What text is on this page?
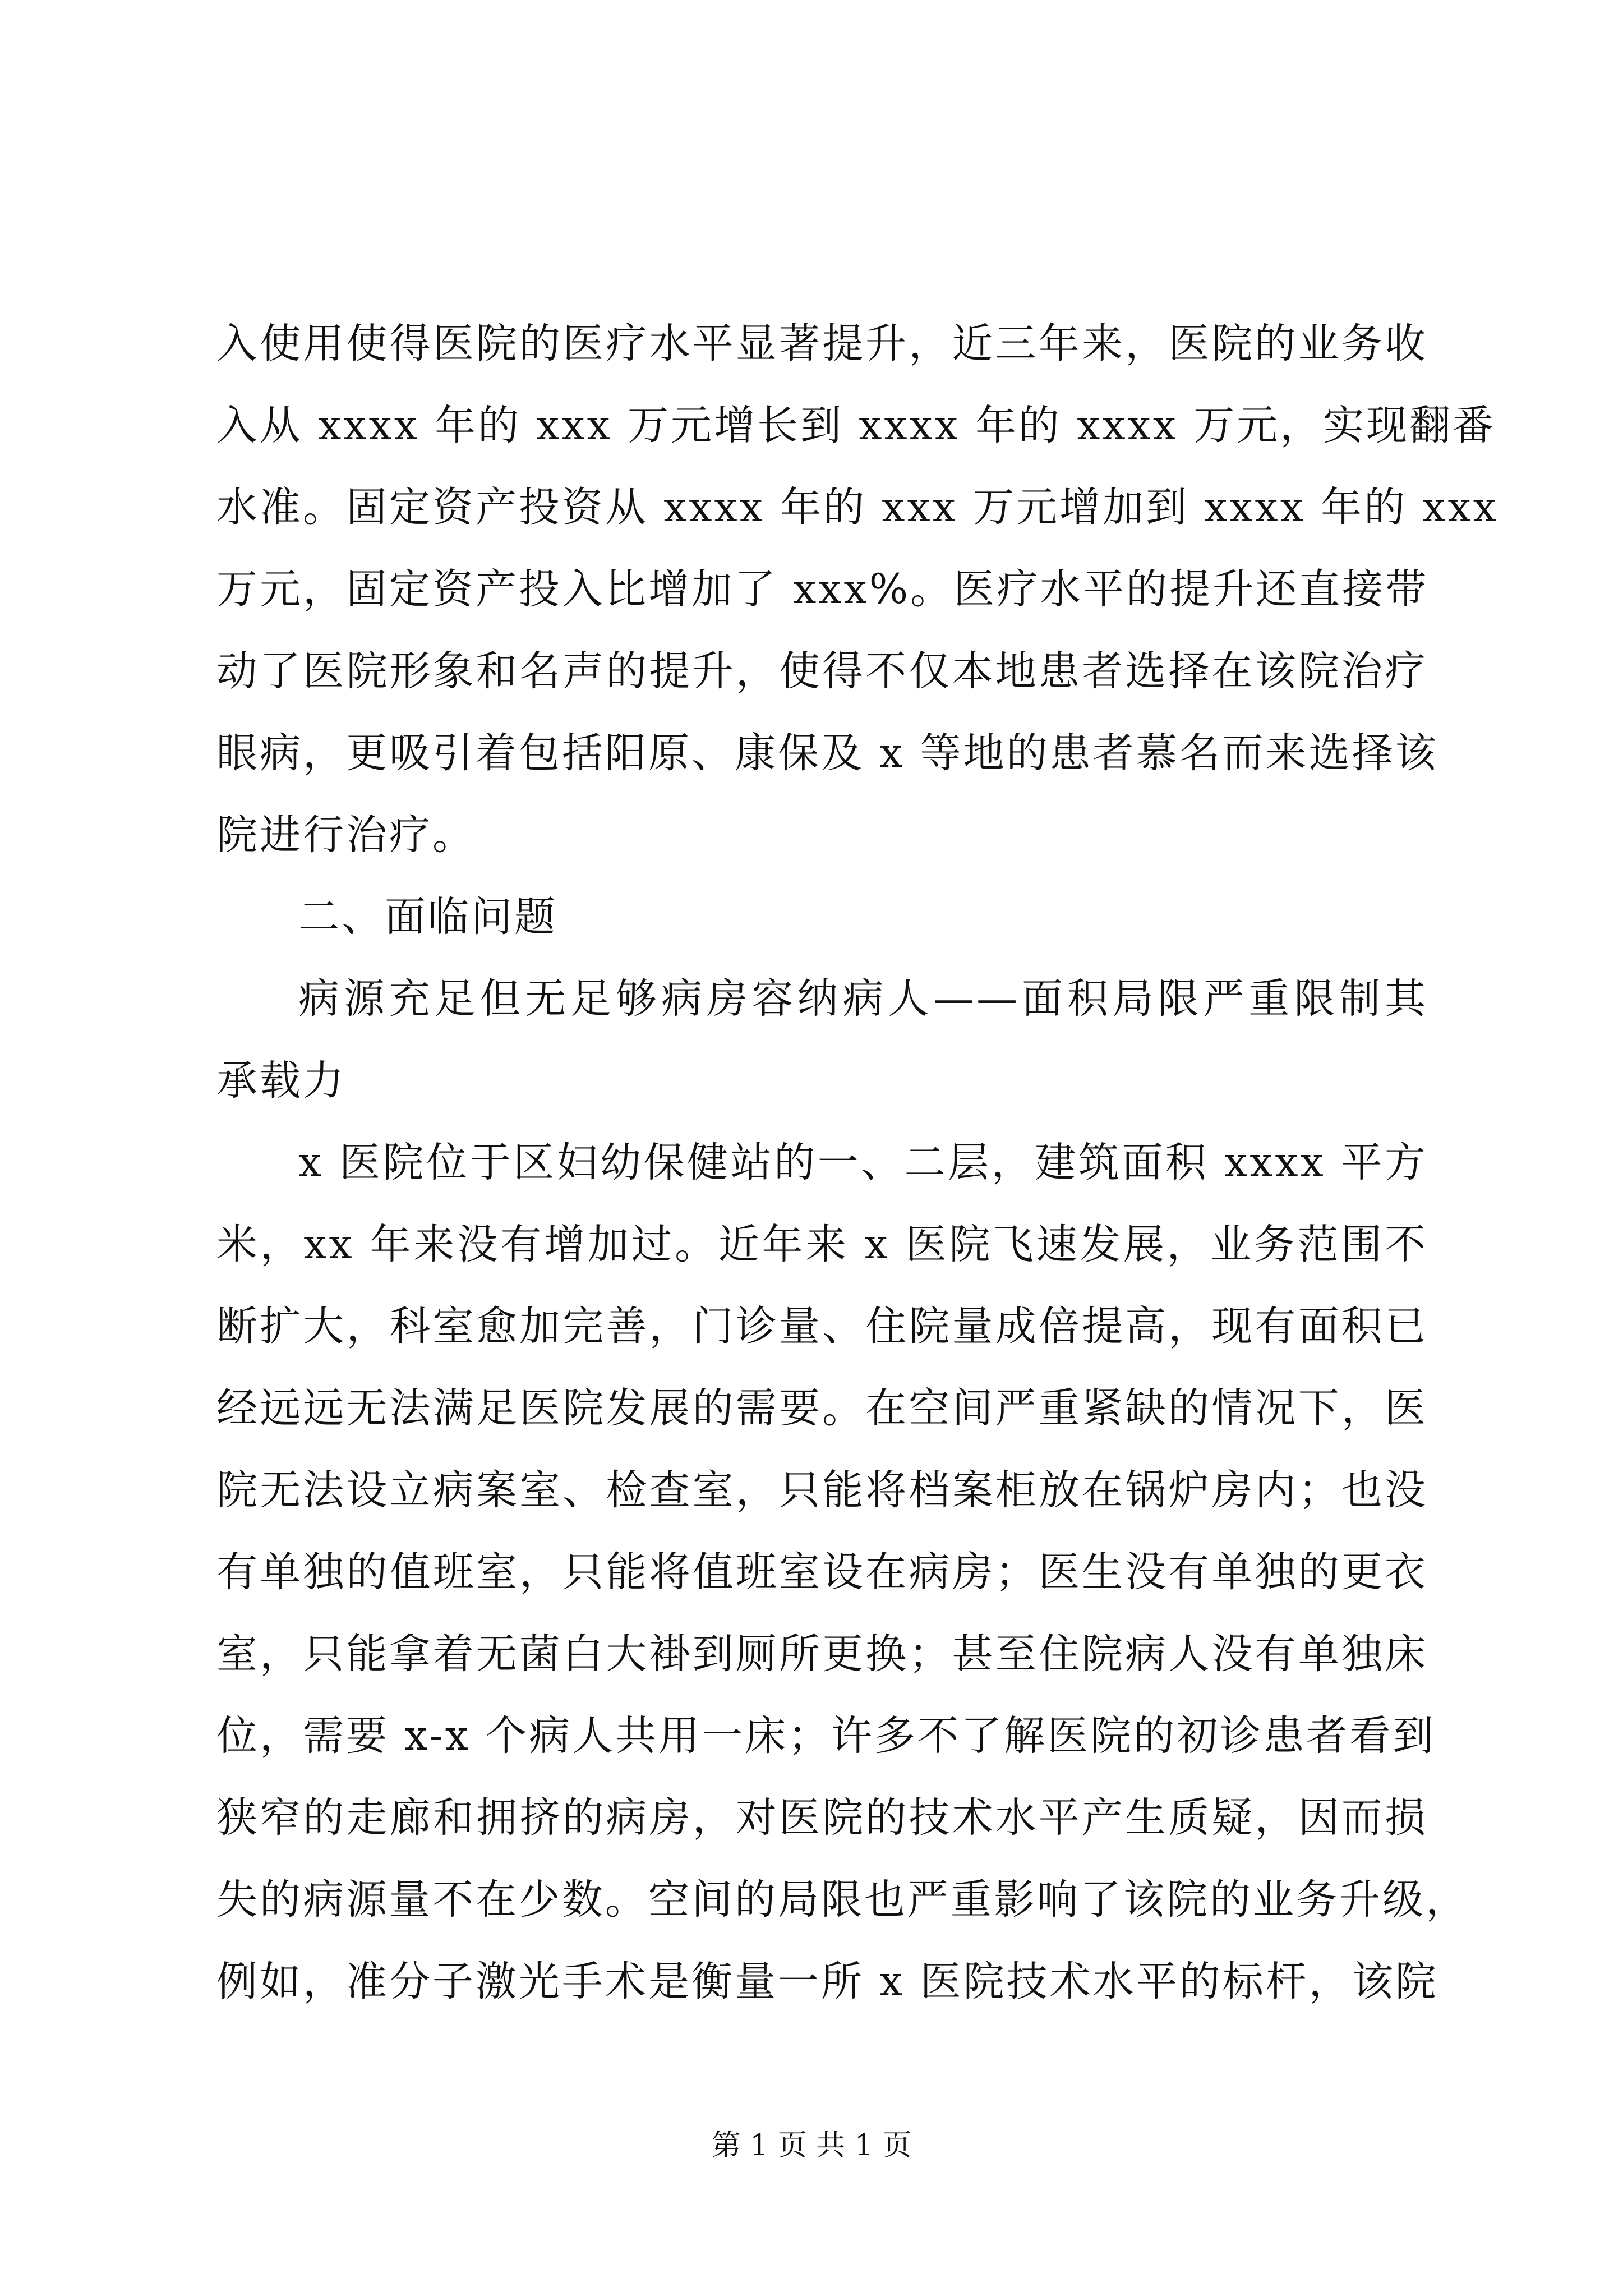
入使用使得医院的医疗水平显著提升，近三年来，医院的业务收
入从 xxxx 年的 xxx 万元增长到 xxxx 年的 xxxx 万元，实现翻番
水准。固定资产投资从 xxxx 年的 xxx 万元增加到 xxxx 年的 xxx
万元，固定资产投入比增加了 xxx%。医疗水平的提升还直接带
动了医院形象和名声的提升，使得不仅本地患者选择在该院治疗
眼病，更吸引着包括阳原、康保及 x 等地的患者慕名而来选择该
院进行治疗。
二、面临问题
病源充足但无足够病房容纳病人——面积局限严重限制其
承载力
x 医院位于区妇幼保健站的一、二层，建筑面积 xxxx 平方
米，xx 年来没有增加过。近年来 x 医院飞速发展，业务范围不
断扩大，科室愈加完善，门诊量、住院量成倍提高，现有面积已
经远远无法满足医院发展的需要。在空间严重紧缺的情况下，医
院无法设立病案室、检查室，只能将档案柜放在锅炉房内；也没
有单独的值班室，只能将值班室设在病房；医生没有单独的更衣
室，只能拿着无菌白大褂到厕所更换；甚至住院病人没有单独床
位，需要 x-x 个病人共用一床；许多不了解医院的初诊患者看到
狭窄的走廊和拥挤的病房，对医院的技术水平产生质疑，因而损
失的病源量不在少数。空间的局限也严重影响了该院的业务升级，
例如，准分子激光手术是衡量一所 x 医院技术水平的标杆，该院
第 1 页 共 1 页
